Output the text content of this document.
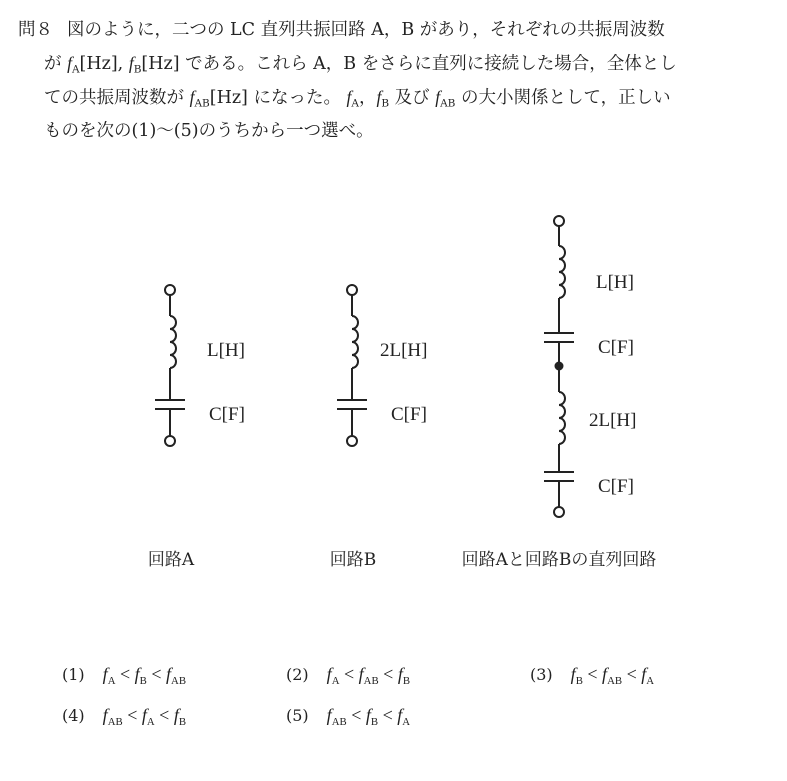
問８ 図のように，二つの LC 直列共振回路 A，B があり，それぞれの共振周波数
が $f_A[Hz]$, $f_B[Hz]$ である。これら A，B をさらに直列に接続した場合，全体とし
ての共振周波数が $f_{AB}[Hz]$ になった。 $f_A$，$f_B$ 及び $f_{AB}$ の大小関係として，正しい
ものを次の(1)〜(5)のうちから一つ選べ。
L[H]
C[F]
回路A
2L[H]
C[F]
回路B
L[H]
C[F]
2L[H]
C[F]
回路Aと回路Bの直列回路
(1) $f_A < f_B < f_{AB}$	(2) $f_A < f_{AB} < f_B$	(3) $f_B < f_{AB} < f_A$
(4) $f_{AB} < f_A < f_B$	(5) $f_{AB} < f_B < f_A$
